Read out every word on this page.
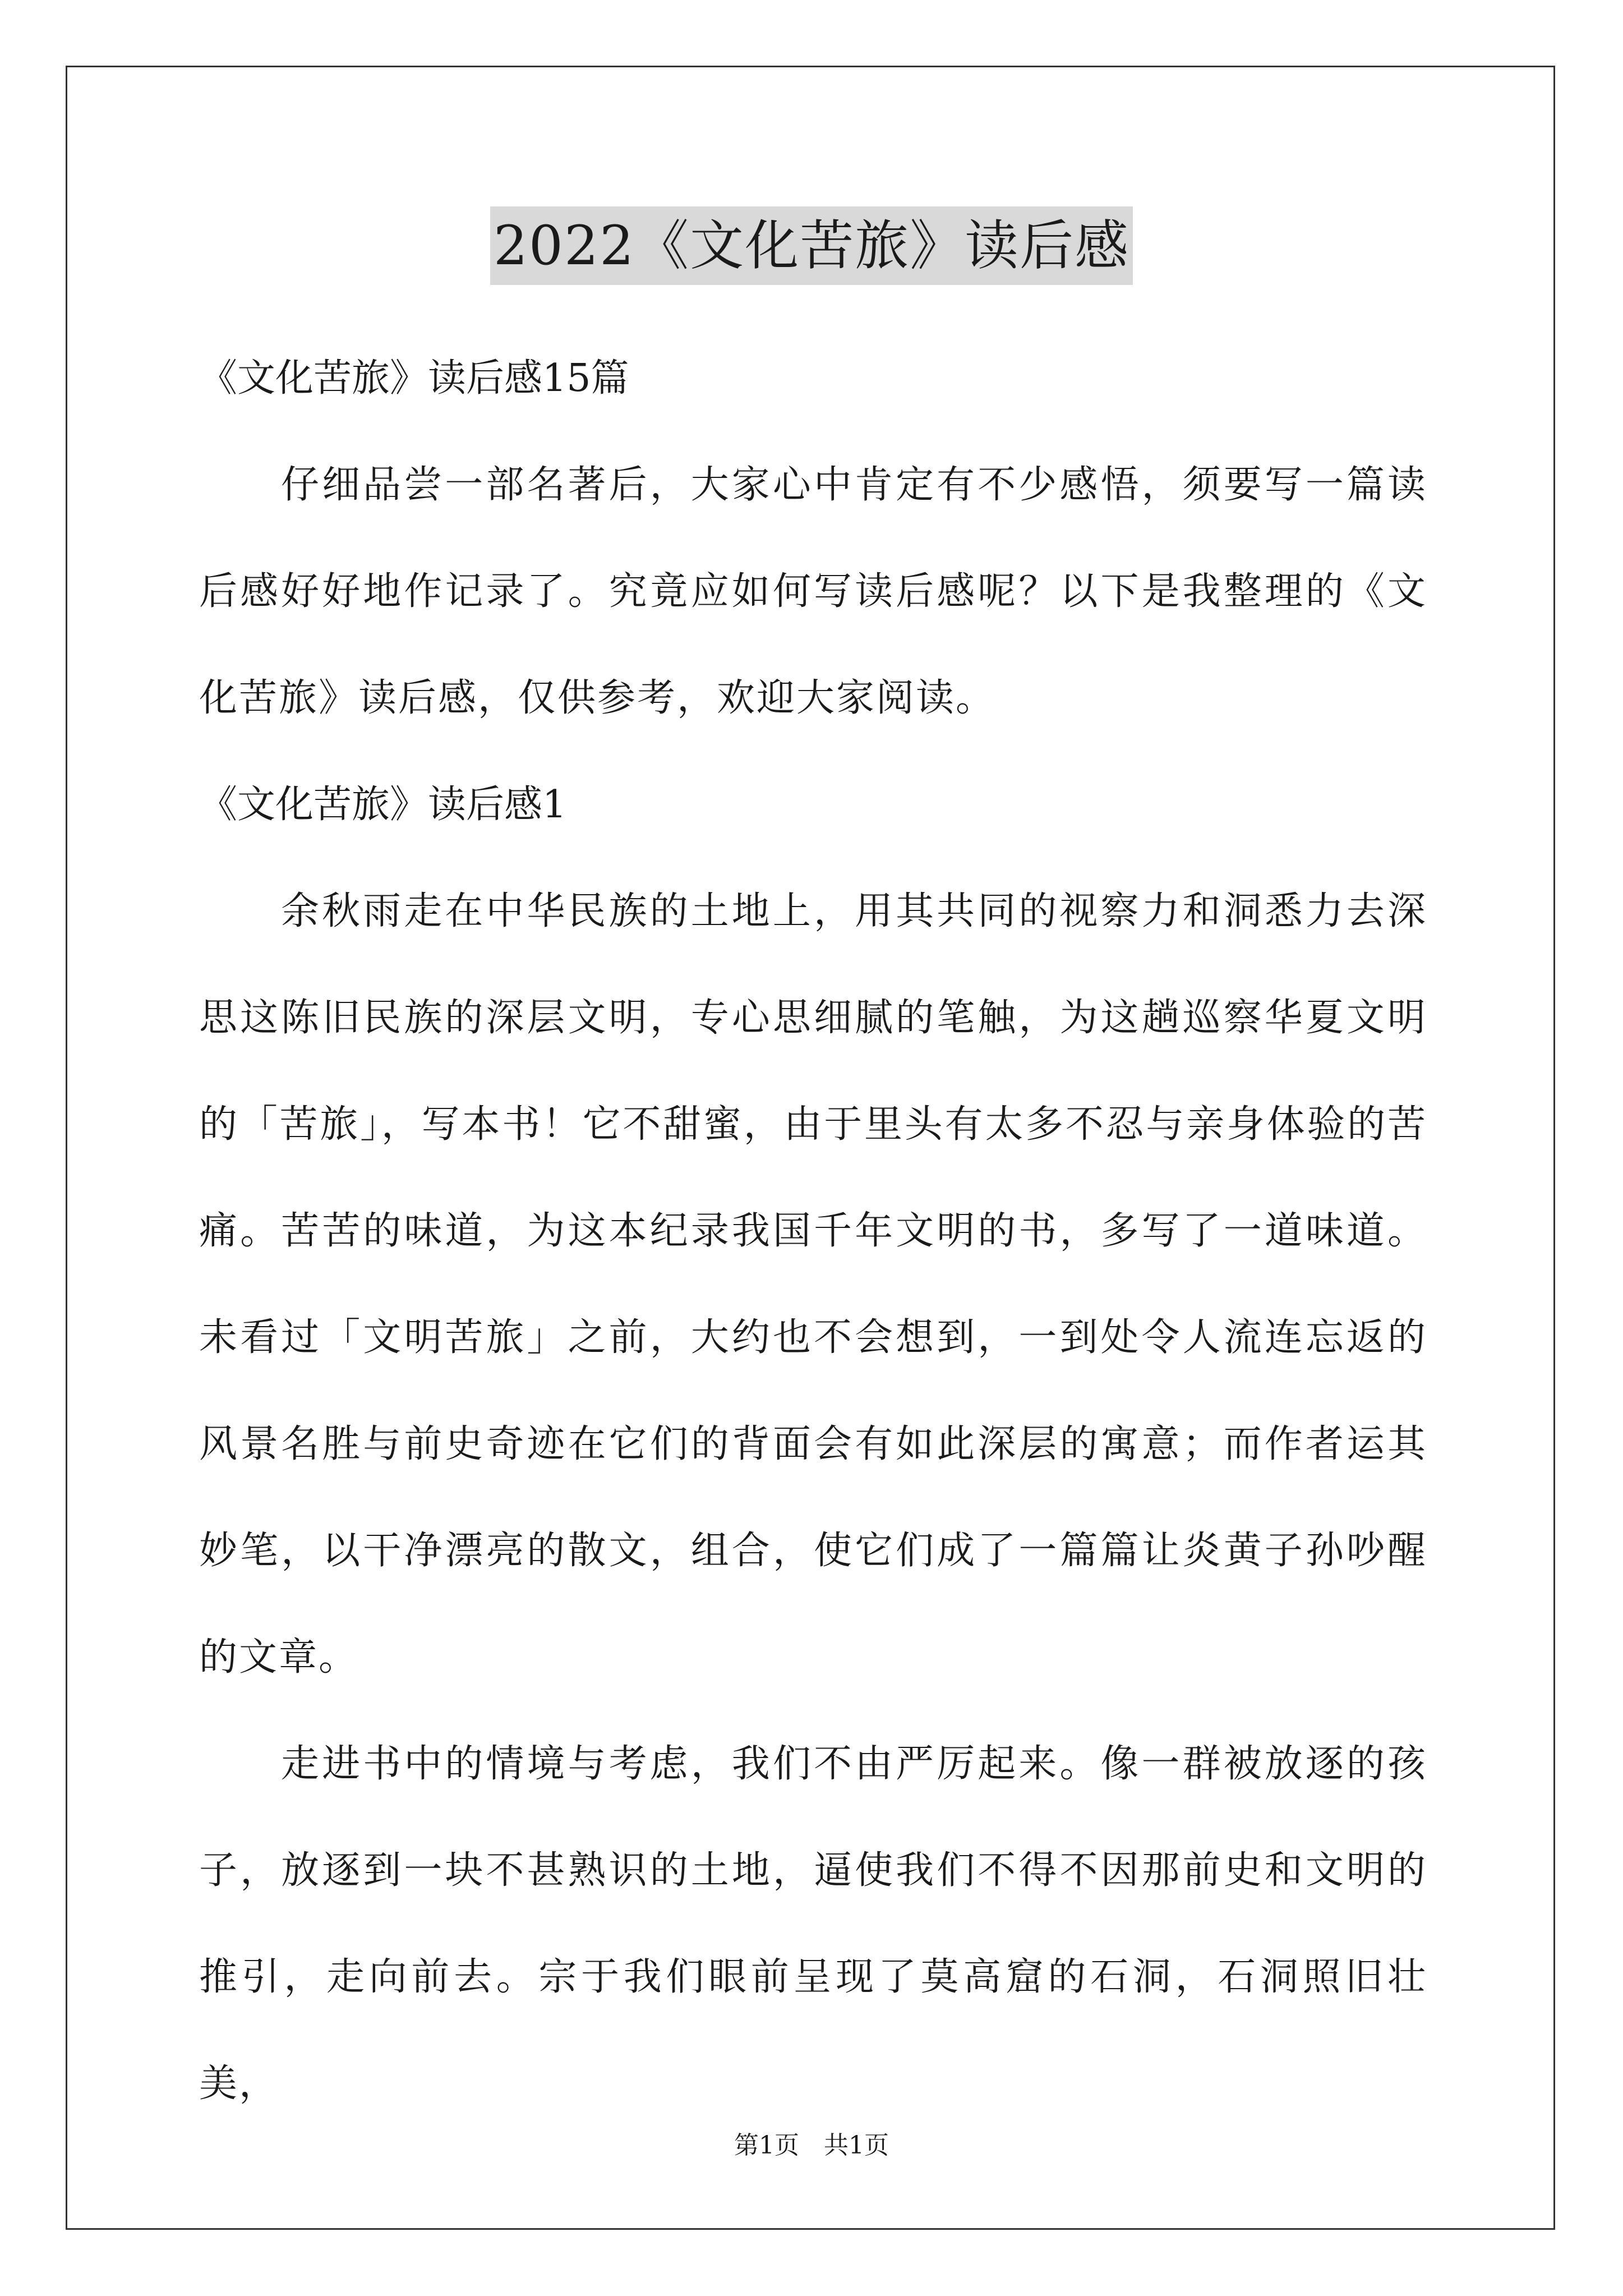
2022《文化苦旅》读后感

《文化苦旅》读后感15篇

仔细品尝一部名著后，大家心中肯定有不少感悟，须要写一篇读后感好好地作记录了。究竟应如何写读后感呢？以下是我整理的《文化苦旅》读后感，仅供参考，欢迎大家阅读。

《文化苦旅》读后感1

余秋雨走在中华民族的土地上，用其共同的视察力和洞悉力去深思这陈旧民族的深层文明，专心思细腻的笔触，为这趟巡察华夏文明的「苦旅」，写本书！它不甜蜜，由于里头有太多不忍与亲身体验的苦痛。苦苦的味道，为这本纪录我国千年文明的书，多写了一道味道。未看过「文明苦旅」之前，大约也不会想到，一到处令人流连忘返的风景名胜与前史奇迹在它们的背面会有如此深层的寓意；而作者运其妙笔，以干净漂亮的散文，组合，使它们成了一篇篇让炎黄子孙吵醒的文章。

走进书中的情境与考虑，我们不由严厉起来。像一群被放逐的孩子，放逐到一块不甚熟识的土地，逼使我们不得不因那前史和文明的推引，走向前去。宗于我们眼前呈现了莫高窟的石洞，石洞照旧壮美，

第1页 共1页
